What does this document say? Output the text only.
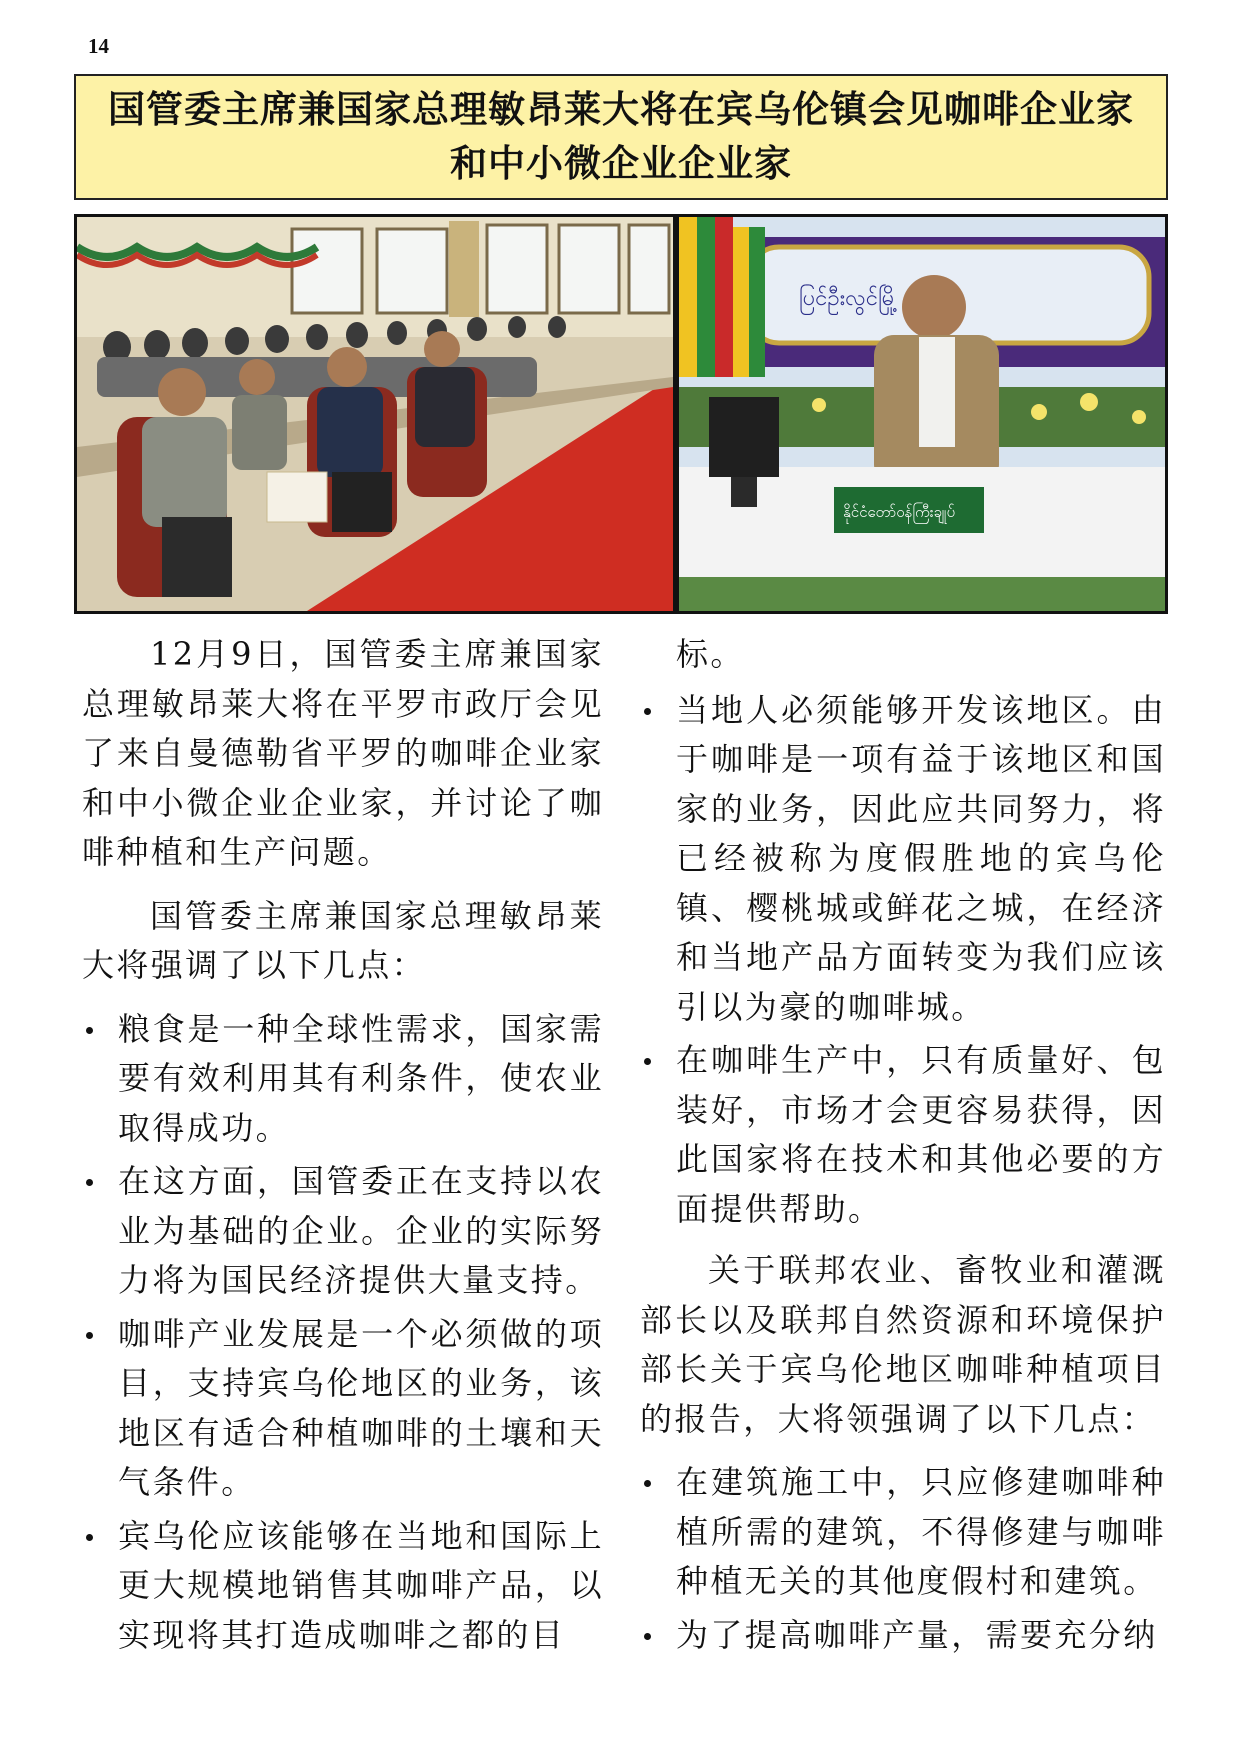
14
国管委主席兼国家总理敏昂莱大将在宾乌伦镇会见咖啡企业家和中小微企业企业家
ပြင်ဦးလွင်မြို့
နိုင်ငံတော်ဝန်ကြီးချုပ်

12月9日，国管委主席兼国家总理敏昂莱大将在平罗市政厅会见了来自曼德勒省平罗的咖啡企业家和中小微企业企业家，并讨论了咖啡种植和生产问题。

国管委主席兼国家总理敏昂莱大将强调了以下几点：

粮食是一种全球性需求，国家需要有效利用其有利条件，使农业取得成功。
在这方面，国管委正在支持以农业为基础的企业。企业的实际努力将为国民经济提供大量支持。
咖啡产业发展是一个必须做的项目，支持宾乌伦地区的业务，该地区有适合种植咖啡的土壤和天气条件。
宾乌伦应该能够在当地和国际上更大规模地销售其咖啡产品，以实现将其打造成咖啡之都的目

标。

当地人必须能够开发该地区。由于咖啡是一项有益于该地区和国家的业务，因此应共同努力，将已经被称为度假胜地的宾乌伦镇、樱桃城或鲜花之城，在经济和当地产品方面转变为我们应该引以为豪的咖啡城。
在咖啡生产中，只有质量好、包装好，市场才会更容易获得，因此国家将在技术和其他必要的方面提供帮助。

关于联邦农业、畜牧业和灌溉部长以及联邦自然资源和环境保护部长关于宾乌伦地区咖啡种植项目的报告，大将领强调了以下几点：

在建筑施工中，只应修建咖啡种植所需的建筑，不得修建与咖啡种植无关的其他度假村和建筑。
为了提高咖啡产量，需要充分纳
